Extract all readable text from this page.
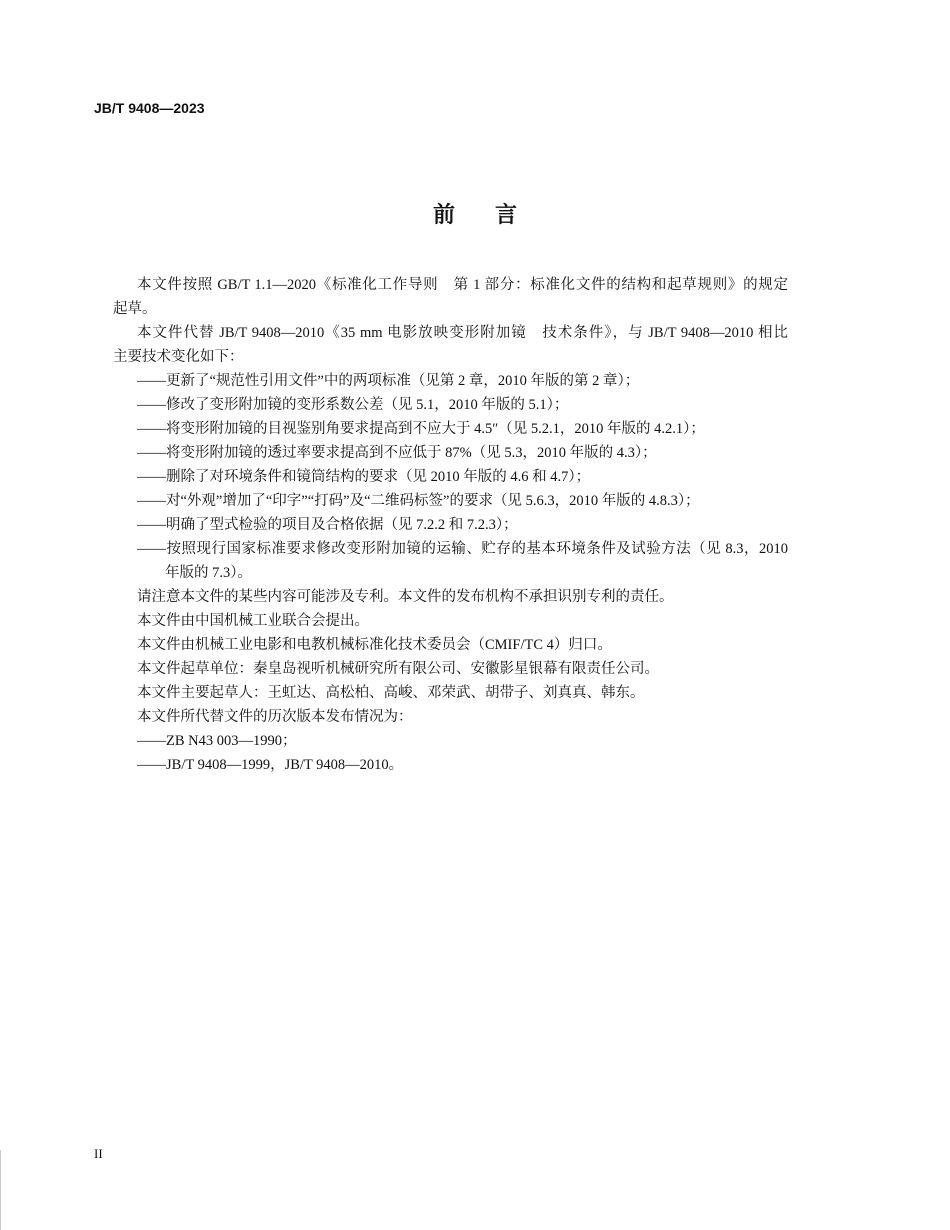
JB/T 9408—2023
前言
本文件按照 GB/T 1.1—2020《标准化工作导则　第 1 部分：标准化文件的结构和起草规则》的规定
起草。
本文件代替 JB/T 9408—2010《35 mm 电影放映变形附加镜　技术条件》，与 JB/T 9408—2010 相比
主要技术变化如下：
——更新了“规范性引用文件”中的两项标准（见第 2 章，2010 年版的第 2 章）；
——修改了变形附加镜的变形系数公差（见 5.1，2010 年版的 5.1）；
——将变形附加镜的目视鉴别角要求提高到不应大于 4.5″（见 5.2.1，2010 年版的 4.2.1）；
——将变形附加镜的透过率要求提高到不应低于 87%（见 5.3，2010 年版的 4.3）；
——删除了对环境条件和镜筒结构的要求（见 2010 年版的 4.6 和 4.7）；
——对“外观”增加了“印字”“打码”及“二维码标签”的要求（见 5.6.3，2010 年版的 4.8.3）；
——明确了型式检验的项目及合格依据（见 7.2.2 和 7.2.3）；
——按照现行国家标准要求修改变形附加镜的运输、贮存的基本环境条件及试验方法（见 8.3，2010
年版的 7.3）。
请注意本文件的某些内容可能涉及专利。本文件的发布机构不承担识别专利的责任。
本文件由中国机械工业联合会提出。
本文件由机械工业电影和电教机械标准化技术委员会（CMIF/TC 4）归口。
本文件起草单位：秦皇岛视听机械研究所有限公司、安徽影星银幕有限责任公司。
本文件主要起草人：王虹达、高松柏、高峻、邓荣武、胡带子、刘真真、韩东。
本文件所代替文件的历次版本发布情况为：
——ZB N43 003—1990；
——JB/T 9408—1999，JB/T 9408—2010。
II
